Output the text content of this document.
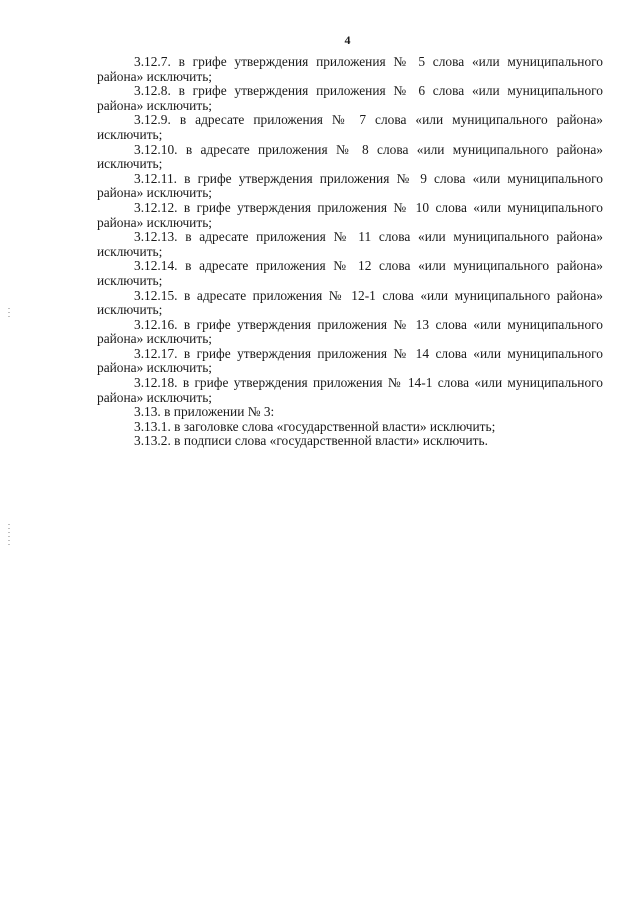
4

3.12.7. в грифе утверждения приложения № 5 слова «или муниципального района» исключить;

3.12.8. в грифе утверждения приложения № 6 слова «или муниципального района» исключить;

3.12.9. в адресате приложения № 7 слова «или муниципального района» исключить;

3.12.10. в адресате приложения № 8 слова «или муниципального района» исключить;

3.12.11. в грифе утверждения приложения № 9 слова «или муниципального района» исключить;

3.12.12. в грифе утверждения приложения № 10 слова «или муниципального района» исключить;

3.12.13. в адресате приложения № 11 слова «или муниципального района» исключить;

3.12.14. в адресате приложения № 12 слова «или муниципального района» исключить;

3.12.15. в адресате приложения № 12-1 слова «или муниципального района» исключить;

3.12.16. в грифе утверждения приложения № 13 слова «или муниципального района» исключить;

3.12.17. в грифе утверждения приложения № 14 слова «или муниципального района» исключить;

3.12.18. в грифе утверждения приложения № 14-1 слова «или муниципального района» исключить;

3.13. в приложении № 3:

3.13.1. в заголовке слова «государственной власти» исключить;

3.13.2. в подписи слова «государственной власти» исключить.
